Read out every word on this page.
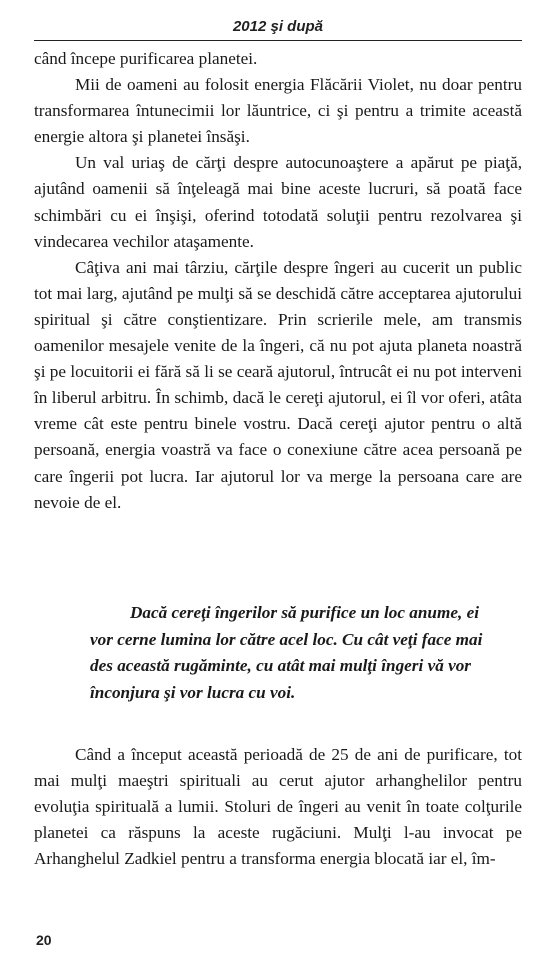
2012 şi după

când începe purificarea planetei.

Mii de oameni au folosit energia Flăcării Violet, nu doar pentru transformarea întunecimii lor lăuntrice, ci şi pentru a trimite această energie altora şi planetei însăşi.

Un val uriaş de cărţi despre autocunoaştere a apărut pe piaţă, ajutând oamenii să înţeleagă mai bine aceste lucruri, să poată face schimbări cu ei înşişi, oferind totodată soluţii pentru rezolvarea şi vindecarea vechilor ataşamente.

Câţiva ani mai târziu, cărţile despre îngeri au cucerit un public tot mai larg, ajutând pe mulţi să se deschidă către acceptarea ajutorului spiritual şi către conştientizare. Prin scrierile mele, am transmis oamenilor mesajele venite de la îngeri, că nu pot ajuta planeta noastră şi pe locuitorii ei fără să li se ceară ajutorul, întrucât ei nu pot interveni în liberul arbitru. În schimb, dacă le cereţi ajutorul, ei îl vor oferi, atâta vreme cât este pentru binele vostru. Dacă cereţi ajutor pentru o altă persoană, energia voastră va face o conexiune către acea persoană pe care îngerii pot lucra. Iar ajutorul lor va merge la persoana care are nevoie de el.

Dacă cereţi îngerilor să purifice un loc anume, ei vor cerne lumina lor către acel loc. Cu cât veţi face mai des această rugăminte, cu atât mai mulţi îngeri vă vor înconjura şi vor lucra cu voi.

Când a început această perioadă de 25 de ani de purificare, tot mai mulţi maeştri spirituali au cerut ajutor arhanghelilor pentru evoluţia spirituală a lumii. Stoluri de îngeri au venit în toate colţurile planetei ca răspuns la aceste rugăciuni. Mulţi l-au invocat pe Arhanghelul Zadkiel pentru a transforma energia blocată iar el, îm-

20
